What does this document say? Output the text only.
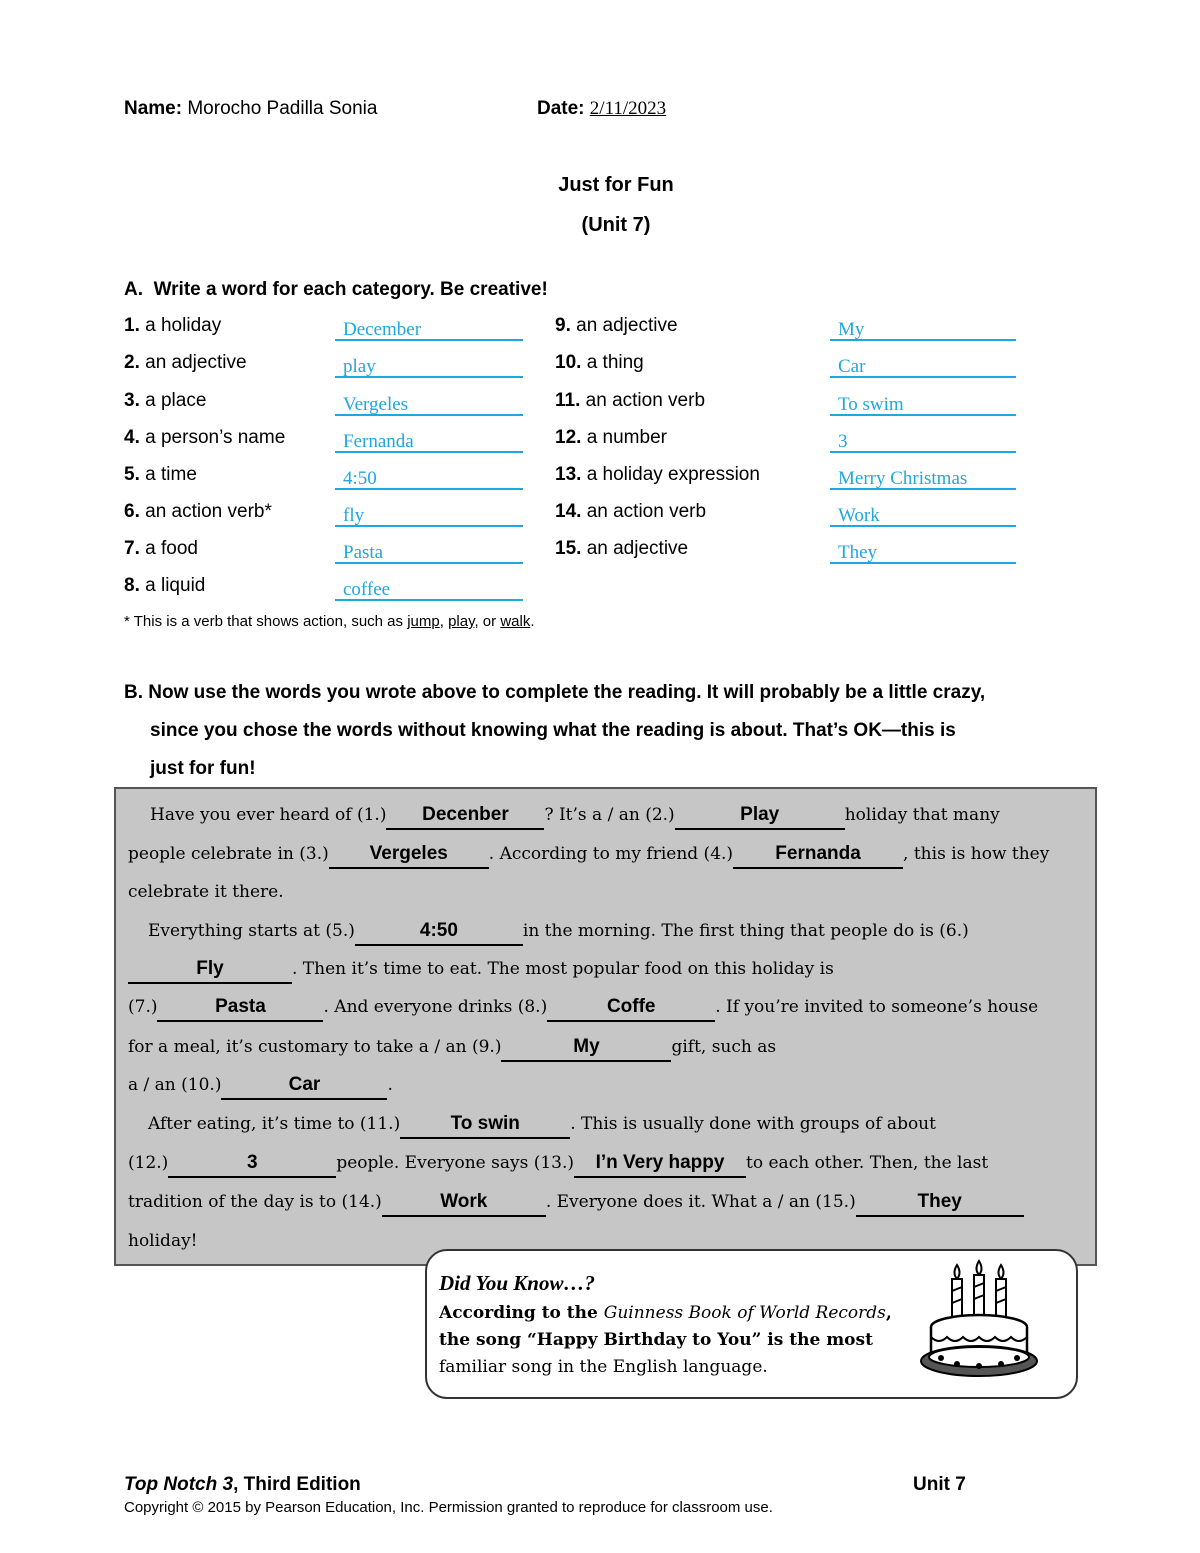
Name: Morocho Padilla Sonia	Date: 2/11/2023
Just for Fun
(Unit 7)
A. Write a word for each category. Be creative!
1. a holiday	December
2. an adjective	play
3. a place	Vergeles
4. a person’s name	Fernanda
5. a time	4:50
6. an action verb*	fly
7. a food	Pasta
8. a liquid	coffee
9. an adjective	My
10. a thing	Car
11. an action verb	To swim
12. a number	3
13. a holiday expression	Merry Christmas
14. an action verb	Work
15. an adjective	They
* This is a verb that shows action, such as jump, play, or walk.
B. Now use the words you wrote above to complete the reading. It will probably be a little crazy,
since you chose the words without knowing what the reading is about. That’s OK—this is
just for fun!
Have you ever heard of (1.) Decenber ? It’s a / an (2.)	Play	holiday that many
people celebrate in (3.) Vergeles . According to my friend (4.) Fernanda , this is how they
celebrate it there.
Everything starts at (5.)	4:50	in the morning. The first thing that people do is (6.)
Fly	. Then it’s time to eat. The most popular food on this holiday is
(7.)	Pasta	. And everyone drinks (8.)	Coffe	. If you’re invited to someone’s house
for a meal, it’s customary to take a / an (9.)	My	gift, such as
a / an (10.)	Car	.
After eating, it’s time to (11.)	To swin	. This is usually done with groups of about
(12.)	3	people. Everyone says (13.) I’n Very happy to each other. Then, the last
tradition of the day is to (14.)	Work	. Everyone does it. What a / an (15.)	They
holiday!
Did You Know…?
According to the Guinness Book of World Records,
the song “Happy Birthday to You” is the most
familiar song in the English language.
Top Notch 3, Third Edition	Unit 7
Copyright © 2015 by Pearson Education, Inc. Permission granted to reproduce for classroom use.
